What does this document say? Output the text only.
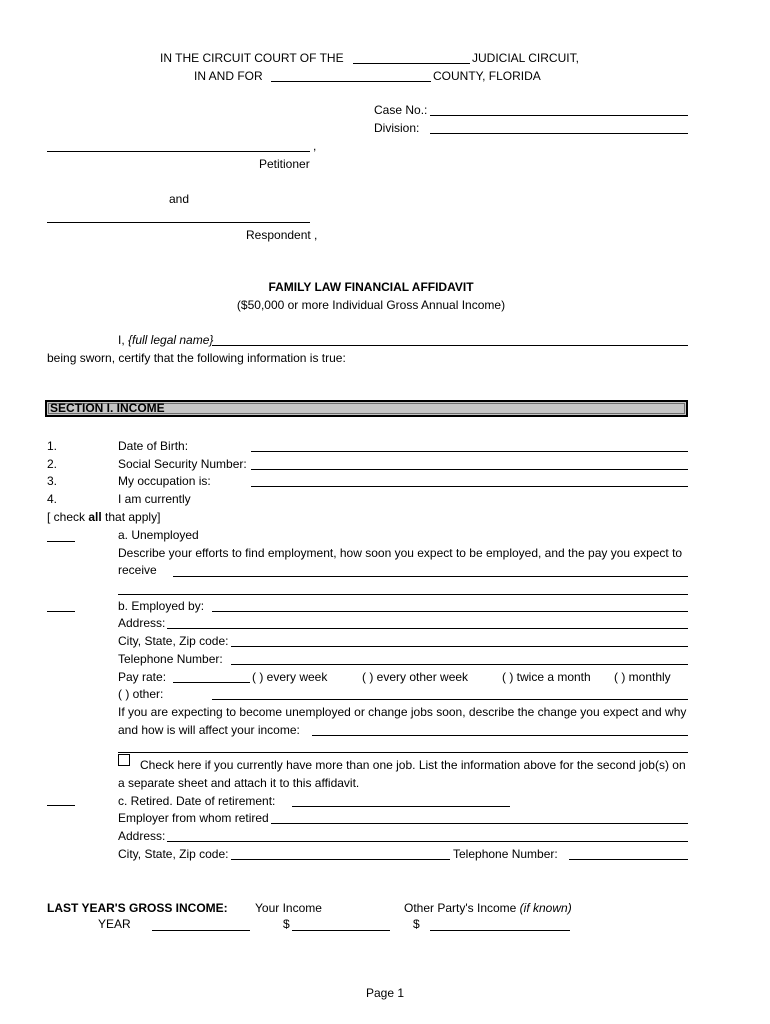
IN THE CIRCUIT COURT OF THE	JUDICIAL CIRCUIT,
IN AND FOR	COUNTY, FLORIDA
Case No.:
Division:
,
Petitioner
and
Respondent ,
FAMILY LAW FINANCIAL AFFIDAVIT
($50,000 or more Individual Gross Annual Income)
I, {full legal name}
being sworn, certify that the following information is true:
SECTION I. INCOME
1.	Date of Birth:
2.	Social Security Number:
3.	My occupation is:
4.	I am currently
[ check all that apply]
a. Unemployed
Describe your efforts to find employment, how soon you expect to be employed, and the pay you expect to
receive
b. Employed by:
Address:
City, State, Zip code:
Telephone Number:
Pay rate:	( ) every week	( ) every other week	( ) twice a month ( ) monthly
( ) other:
If you are expecting to become unemployed or change jobs soon, describe the change you expect and why
and how is will affect your income:
Check here if you currently have more than one job. List the information above for the second job(s) on
a separate sheet and attach it to this affidavit.
c. Retired. Date of retirement:
Employer from whom retired
Address:
City, State, Zip code:	Telephone Number:
LAST YEAR'S GROSS INCOME: Your Income	Other Party's Income (if known)
YEAR	$	$
Page 1
